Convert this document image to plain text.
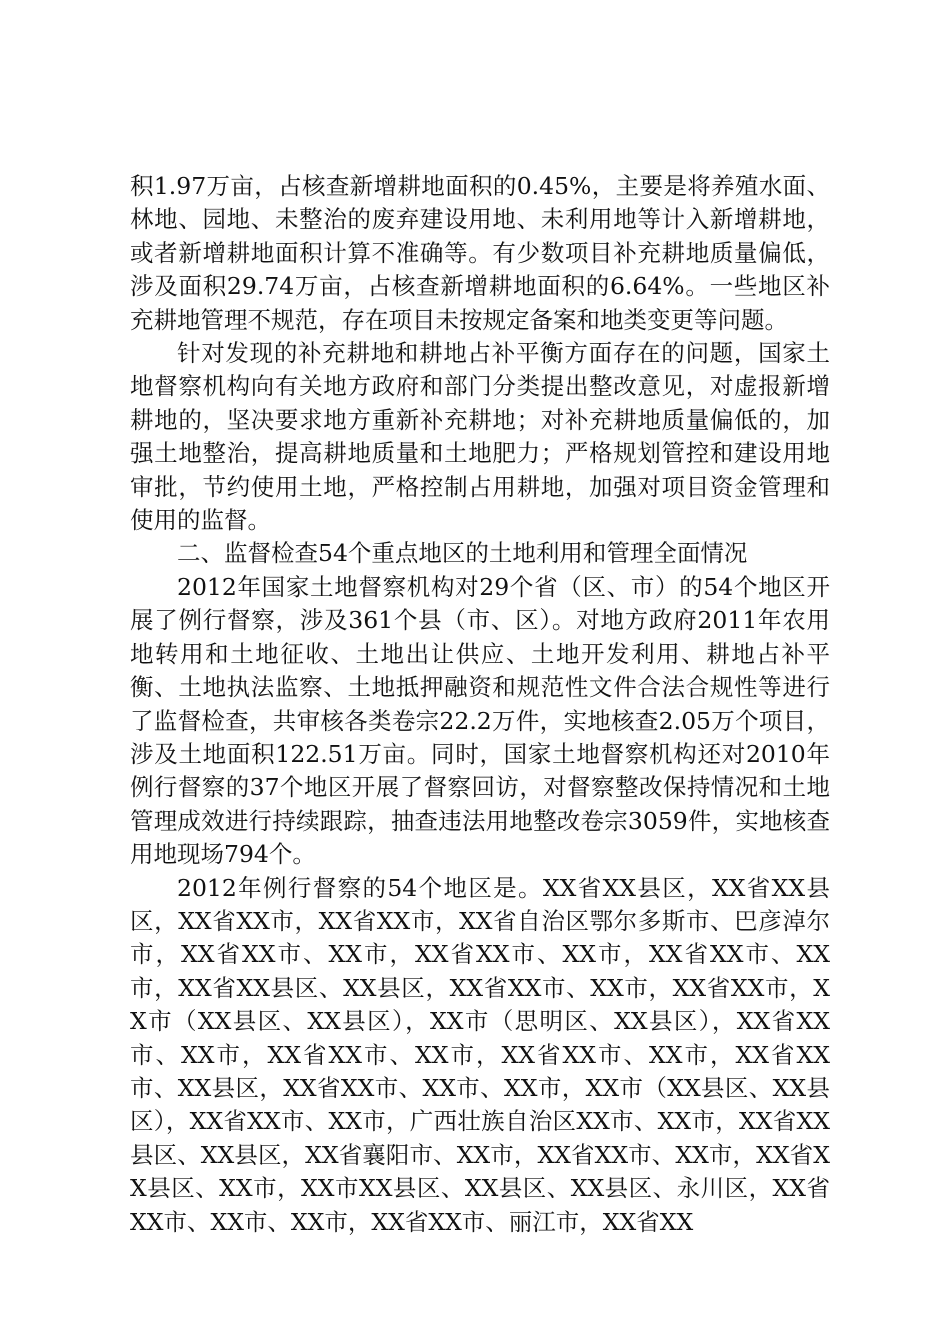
积1.97万亩，占核查新增耕地面积的0.45%，主要是将养殖水面、林地、园地、未整治的废弃建设用地、未利用地等计入新增耕地，或者新增耕地面积计算不准确等。有少数项目补充耕地质量偏低，涉及面积29.74万亩，占核查新增耕地面积的6.64%。一些地区补充耕地管理不规范，存在项目未按规定备案和地类变更等问题。

针对发现的补充耕地和耕地占补平衡方面存在的问题，国家土地督察机构向有关地方政府和部门分类提出整改意见，对虚报新增耕地的，坚决要求地方重新补充耕地；对补充耕地质量偏低的，加强土地整治，提高耕地质量和土地肥力；严格规划管控和建设用地审批，节约使用土地，严格控制占用耕地，加强对项目资金管理和使用的监督。

二、监督检查54个重点地区的土地利用和管理全面情况

2012年国家土地督察机构对29个省（区、市）的54个地区开展了例行督察，涉及361个县（市、区）。对地方政府2011年农用地转用和土地征收、土地出让供应、土地开发利用、耕地占补平衡、土地执法监察、土地抵押融资和规范性文件合法合规性等进行了监督检查，共审核各类卷宗22.2万件，实地核查2.05万个项目，涉及土地面积122.51万亩。同时，国家土地督察机构还对2010年例行督察的37个地区开展了督察回访，对督察整改保持情况和土地管理成效进行持续跟踪，抽查违法用地整改卷宗3059件，实地核查用地现场794个。

2012年例行督察的54个地区是。XX省XX县区，XX省XX县区，XX省XX市，XX省XX市，XX省自治区鄂尔多斯市、巴彦淖尔市，XX省XX市、XX市，XX省XX市、XX市，XX省XX市、XX市，XX省XX县区、XX县区，XX省XX市、XX市，XX省XX市，XX市（XX县区、XX县区），XX市（思明区、XX县区），XX省XX市、XX市，XX省XX市、XX市，XX省XX市、XX市，XX省XX市、XX县区，XX省XX市、XX市、XX市，XX市（XX县区、XX县区），XX省XX市、XX市，广西壮族自治区XX市、XX市，XX省XX县区、XX县区，XX省襄阳市、XX市，XX省XX市、XX市，XX省XX县区、XX市，XX市XX县区、XX县区、XX县区、永川区，XX省XX市、XX市、XX市，XX省XX市、丽江市，XX省XX
